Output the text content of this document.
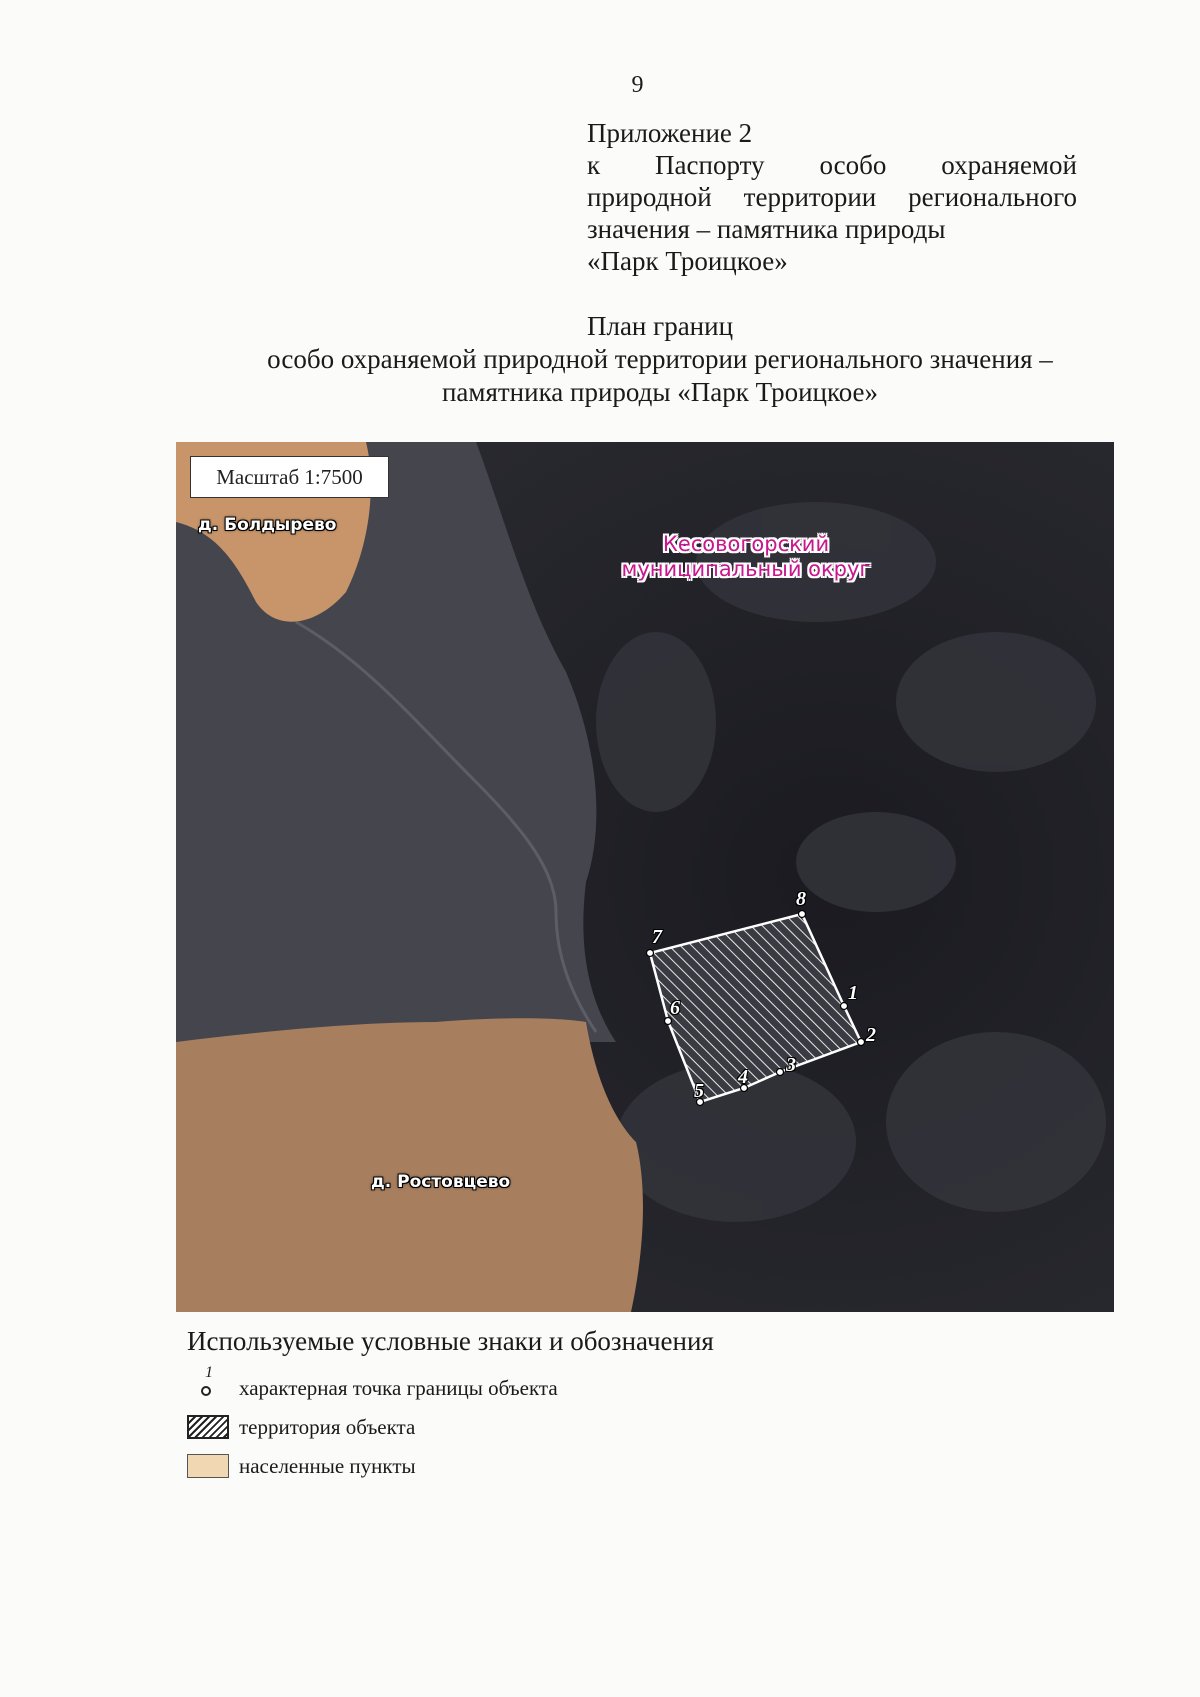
9
Приложение 2
к Паспорту особо охраняемой
природной территории регионального
значения – памятника природы
«Парк Троицкое»
План границ
особо охраняемой природной территории регионального значения –
памятника природы «Парк Троицкое»
Масштаб 1:7500
д. Болдырево
д. Ростовцево
Кесовогорский
муниципальный округ
1
2
3
4
5
6
7
8
Используемые условные знаки и обозначения
1
характерная точка границы объекта
территория объекта
населенные пункты
